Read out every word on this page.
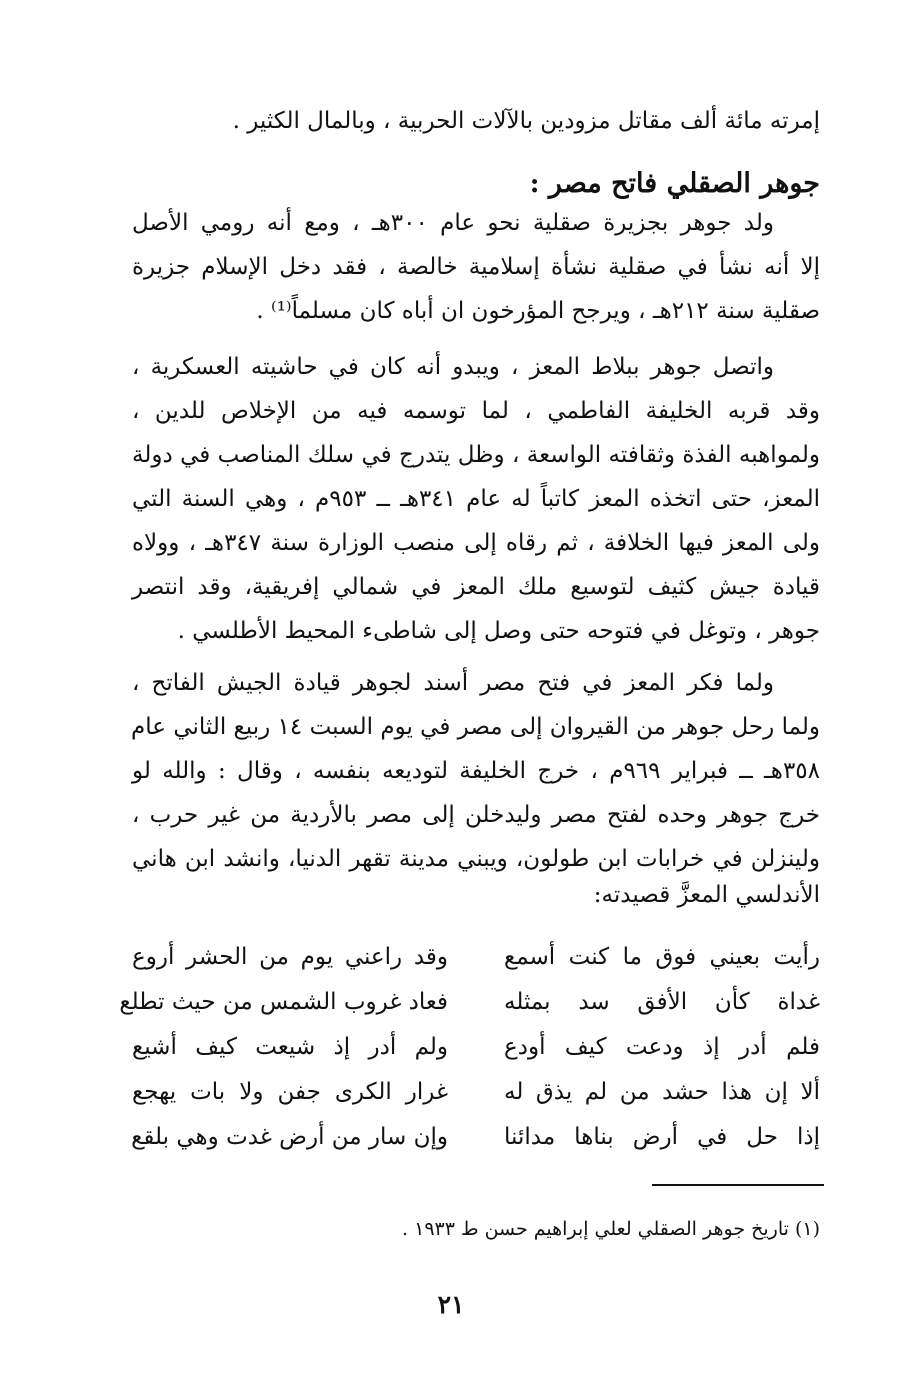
إمرته مائة ألف مقاتل مزودين بالآلات الحربية ، وبالمال الكثير .
جوهر الصقلي فاتح مصر :
ولد جوهر بجزيرة صقلية نحو عام ٣٠٠هـ ، ومع أنه رومي الأصل
إلا أنه نشأ في صقلية نشأة إسلامية خالصة ، فقد دخل الإسلام جزيرة
صقلية سنة ٢١٢هـ ، ويرجح المؤرخون ان أباه كان مسلماً⁽¹⁾ .
واتصل جوهر ببلاط المعز ، ويبدو أنه كان في حاشيته العسكرية ،
وقد قربه الخليفة الفاطمي ، لما توسمه فيه من الإخلاص للدين ،
ولمواهبه الفذة وثقافته الواسعة ، وظل يتدرج في سلك المناصب في دولة
المعز، حتى اتخذه المعز كاتباً له عام ٣٤١هـ ــ ٩٥٣م ، وهي السنة التي
ولى المعز فيها الخلافة ، ثم رقاه إلى منصب الوزارة سنة ٣٤٧هـ ، وولاه
قيادة جيش كثيف لتوسيع ملك المعز في شمالي إفريقية، وقد انتصر
جوهر ، وتوغل في فتوحه حتى وصل إلى شاطىء المحيط الأطلسي .
ولما فكر المعز في فتح مصر أسند لجوهر قيادة الجيش الفاتح ،
ولما رحل جوهر من القيروان إلى مصر في يوم السبت ١٤ ربيع الثاني عام
٣٥٨هـ ــ فبراير ٩٦٩م ، خرج الخليفة لتوديعه بنفسه ، وقال : والله لو
خرج جوهر وحده لفتح مصر وليدخلن إلى مصر بالأردية من غير حرب ،
ولينزلن في خرابات ابن طولون، ويبني مدينة تقهر الدنيا، وانشد ابن هاني
الأندلسي المعزَّ قصيدته:
رأيت بعيني فوق ما كنت أسمع
وقد راعني يوم من الحشر أروع
غداة كأن الأفق سد بمثله
فعاد غروب الشمس من حيث تطلع
فلم أدر إذ ودعت كيف أودع
ولم أدر إذ شيعت كيف أشيع
ألا إن هذا حشد من لم يذق له
غرار الكرى جفن ولا بات يهجع
إذا حل في أرض بناها مدائنا
وإن سار من أرض غدت وهي بلقع
(١) تاريخ جوهر الصقلي لعلي إبراهيم حسن ط ١٩٣٣ .
٢١
